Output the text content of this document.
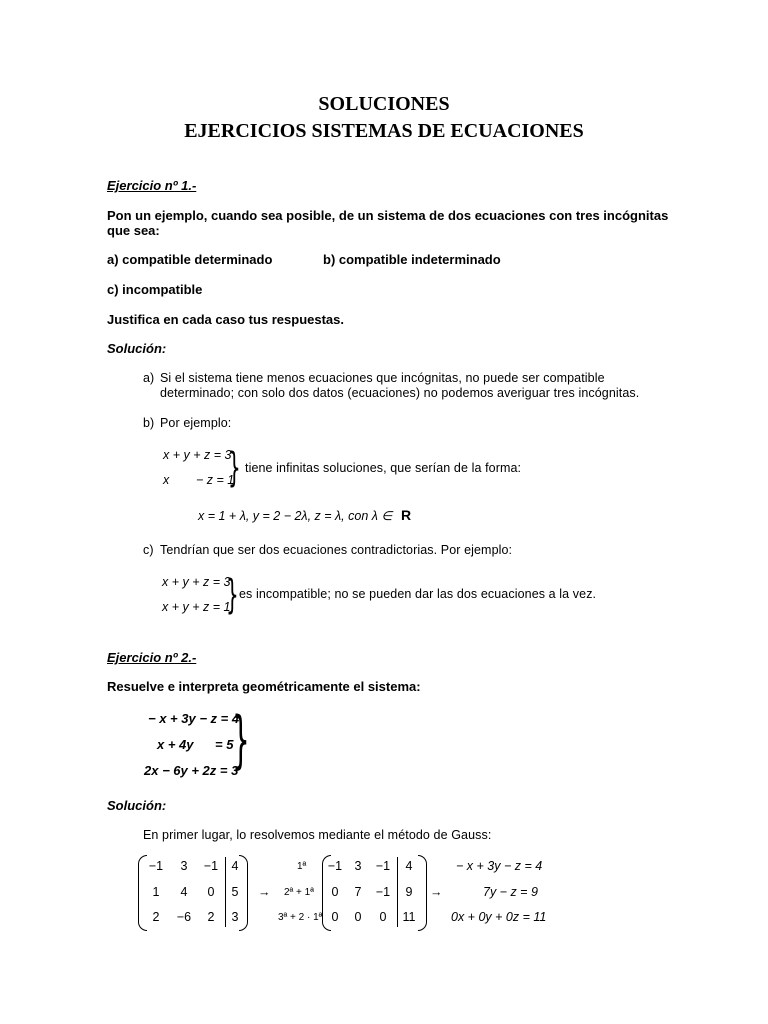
SOLUCIONES
EJERCICIOS SISTEMAS DE ECUACIONES
Ejercicio nº 1.-
Pon un ejemplo, cuando sea posible, de un sistema de dos ecuaciones con tres incógnitas
que sea:
a) compatible determinado	b) compatible indeterminado
c) incompatible
Justifica en cada caso tus respuestas.
Solución:
a) Si el sistema tiene menos ecuaciones que incógnitas, no puede ser compatible
determinado; con solo dos datos (ecuaciones) no podemos averiguar tres incógnitas.
b) Por ejemplo:
x + y + z = 3
x − z = 1
} tiene infinitas soluciones, que serían de la forma:
x = 1 + λ, y = 2 − 2λ, z = λ, con λ ∈ R
c) Tendrían que ser dos ecuaciones contradictorias. Por ejemplo:
x + y + z = 3
x + y + z = 1
} es incompatible; no se pueden dar las dos ecuaciones a la vez.
Ejercicio nº 2.-
Resuelve e interpreta geométricamente el sistema:
− x + 3y − z = 4
x + 4y = 5
2x − 6y + 2z = 3
}
Solución:
En primer lugar, lo resolvemos mediante el método de Gauss:
−1	3	−1	4
1	4	0	5
2	−6	2	3
→
1ª
2ª + 1ª
3ª + 2 · 1ª
−1 3	−1	4
0	7	−1	9
0	0	0	11
→
− x + 3y − z = 4
7y − z = 9
0x + 0y + 0z = 11
